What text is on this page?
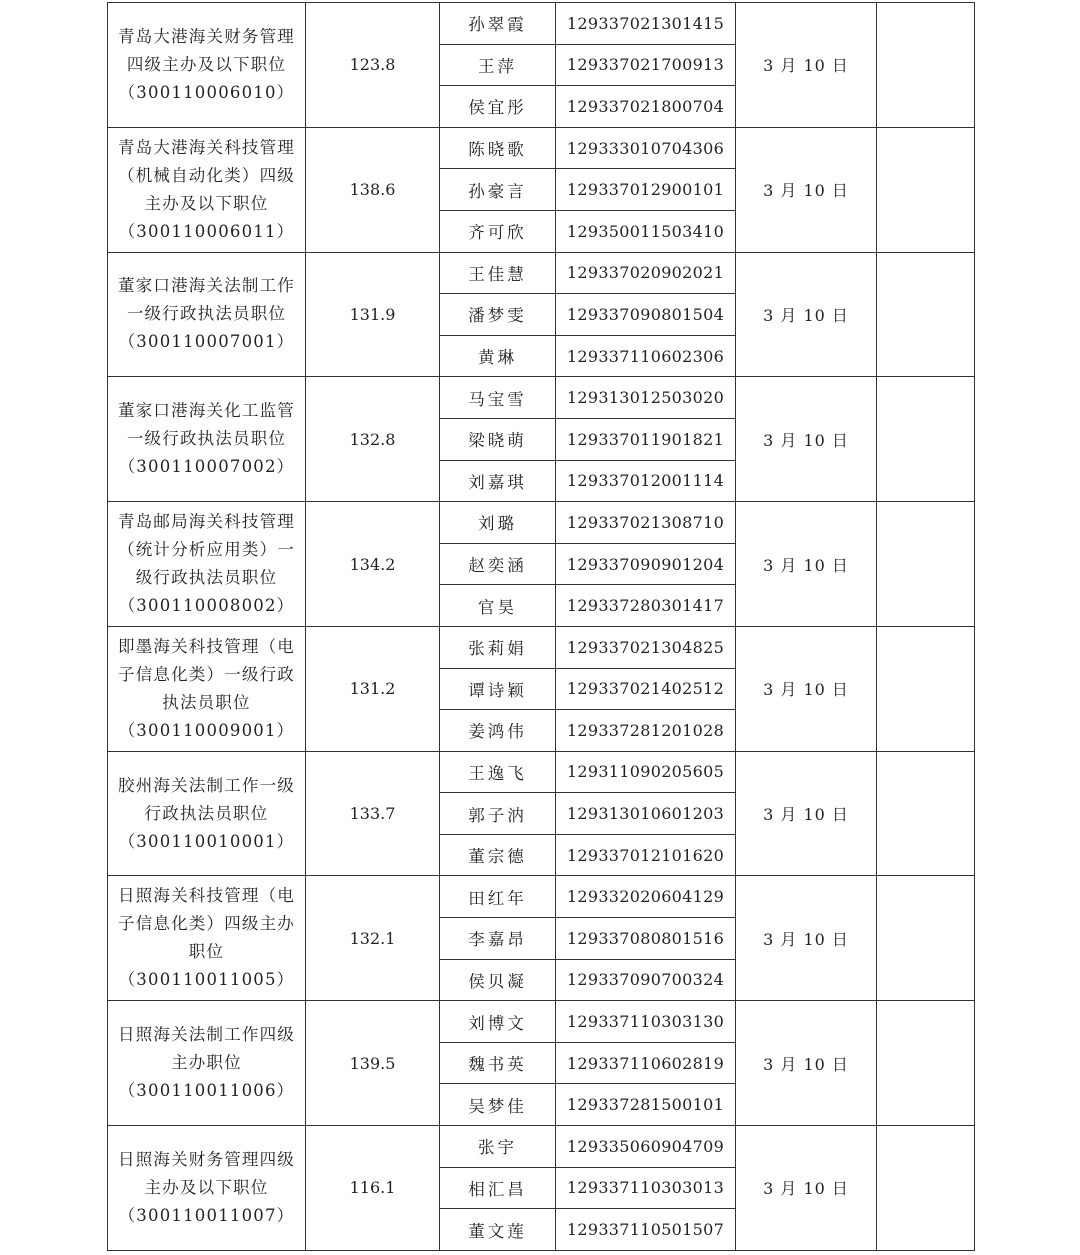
青岛大港海关财务管理
四级主办及以下职位
（300110006010）	123.8	孙翠霞	129337021301415	3 月 10 日	
		王萍	129337021700913		
		侯宜彤	129337021800704		

青岛大港海关科技管理
（机械自动化类）四级
主办及以下职位
（300110006011）	138.6	陈晓歌	129333010704306	3 月 10 日	
		孙豪言	129337012900101		
		齐可欣	129350011503410		

董家口港海关法制工作
一级行政执法员职位
（300110007001）	131.9	王佳慧	129337020902021	3 月 10 日	
		潘梦雯	129337090801504		
		黄琳	129337110602306		

董家口港海关化工监管
一级行政执法员职位
（300110007002）	132.8	马宝雪	129313012503020	3 月 10 日	
		梁晓萌	129337011901821		
		刘嘉琪	129337012001114		

青岛邮局海关科技管理
（统计分析应用类）一
级行政执法员职位
（300110008002）	134.2	刘璐	129337021308710	3 月 10 日	
		赵奕涵	129337090901204		
		官昊	129337280301417		

即墨海关科技管理（电
子信息化类）一级行政
执法员职位
（300110009001）	131.2	张莉娟	129337021304825	3 月 10 日	
		谭诗颖	129337021402512		
		姜鸿伟	129337281201028		

胶州海关法制工作一级
行政执法员职位
（300110010001）	133.7	王逸飞	129311090205605	3 月 10 日	
		郭子汭	129313010601203		
		董宗德	129337012101620		

日照海关科技管理（电
子信息化类）四级主办
职位（300110011005）	132.1	田红年	129332020604129	3 月 10 日	
		李嘉昂	129337080801516		
		侯贝凝	129337090700324		

日照海关法制工作四级
主办职位
（300110011006）	139.5	刘博文	129337110303130	3 月 10 日	
		魏书英	129337110602819		
		吴梦佳	129337281500101		

日照海关财务管理四级
主办及以下职位
（300110011007）	116.1	张宇	129335060904709	3 月 10 日	
		相汇昌	129337110303013		
		董文莲	129337110501507		
